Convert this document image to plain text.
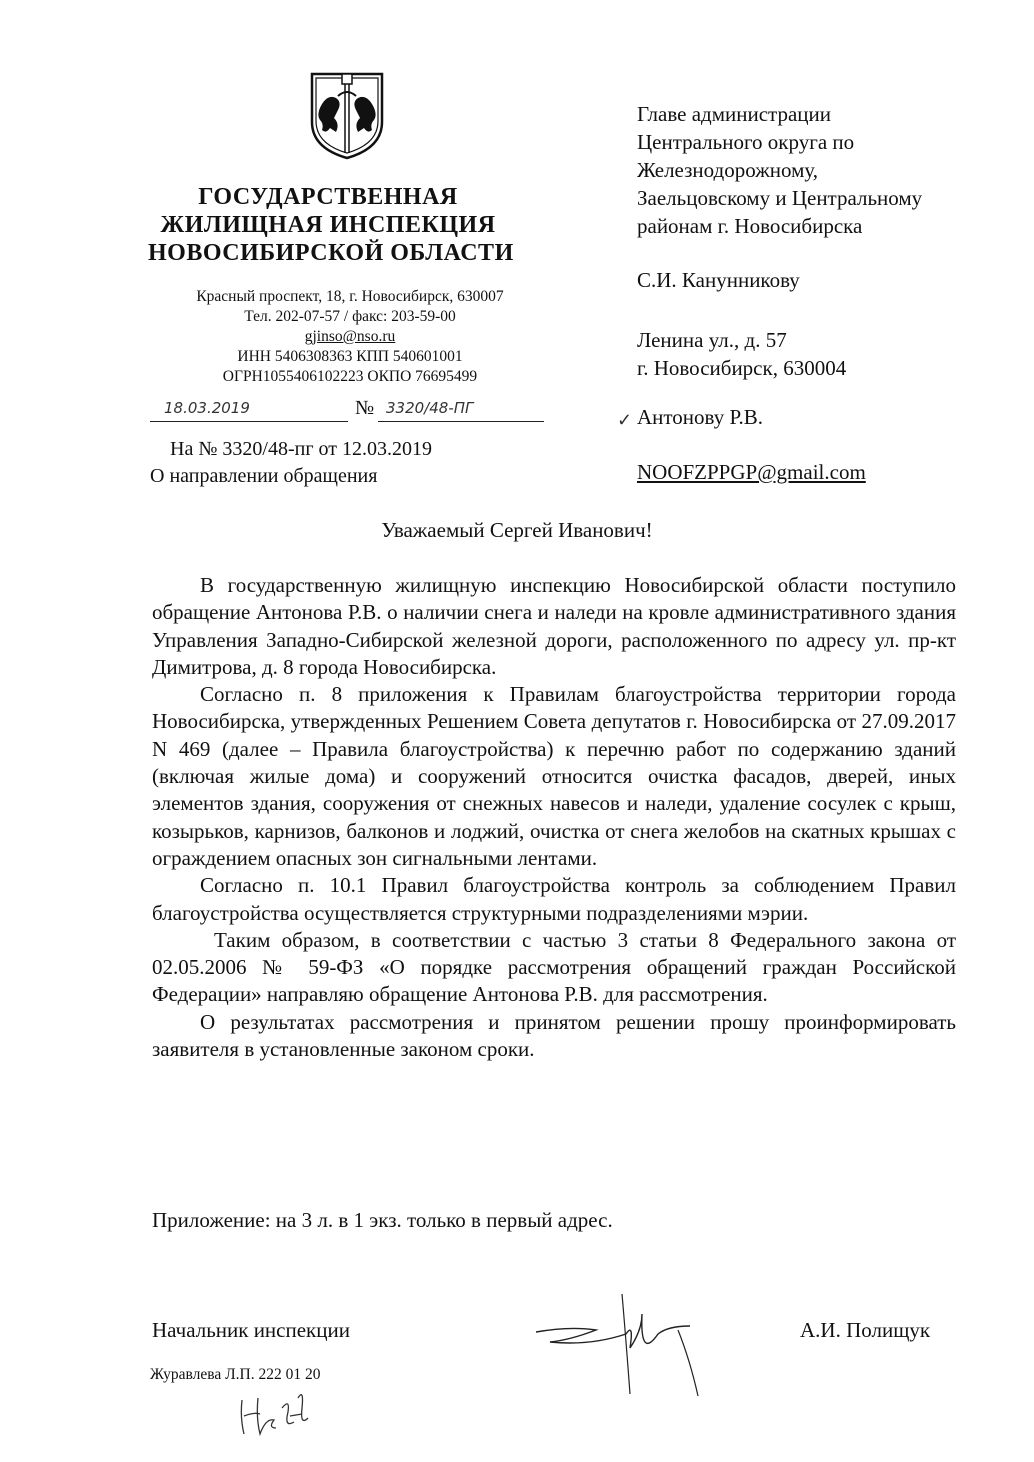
ГОСУДАРСТВЕННАЯ
ЖИЛИЩНАЯ ИНСПЕКЦИЯ
НОВОСИБИРСКОЙ ОБЛАСТИ
Красный проспект, 18, г. Новосибирск, 630007
Тел. 202-07-57 / факс: 203-59-00
gjinso@nso.ru
ИНН 5406308363 КПП 540601001
ОГРН1055406102223 ОКПО 76695499
18.03.2019	№ 3320/48-ПГ
На № 3320/48-пг от 12.03.2019
О направлении обращения
Главе администрации
Центрального округа по
Железнодорожному,
Заельцовскому и Центральному
районам г. Новосибирска
С.И. Канунникову
Ленина ул., д. 57
г. Новосибирск, 630004
✓ Антонову Р.В.
NOOFZPPGP@gmail.com
Уважаемый Сергей Иванович!

В государственную жилищную инспекцию Новосибирской области поступило обращение Антонова Р.В. о наличии снега и наледи на кровле административного здания Управления Западно-Сибирской железной дороги, расположенного по адресу ул. пр-кт Димитрова, д. 8 города Новосибирска.

Согласно п. 8 приложения к Правилам благоустройства территории города Новосибирска, утвержденных Решением Совета депутатов г. Новосибирска от 27.09.2017 N 469 (далее – Правила благоустройства) к перечню работ по содержанию зданий (включая жилые дома) и сооружений относится очистка фасадов, дверей, иных элементов здания, сооружения от снежных навесов и наледи, удаление сосулек с крыш, козырьков, карнизов, балконов и лоджий, очистка от снега желобов на скатных крышах с ограждением опасных зон сигнальными лентами.

Согласно п. 10.1 Правил благоустройства контроль за соблюдением Правил благоустройства осуществляется структурными подразделениями мэрии.

Таким образом, в соответствии с частью 3 статьи 8 Федерального закона от 02.05.2006 № 59-ФЗ «О порядке рассмотрения обращений граждан Российской Федерации» направляю обращение Антонова Р.В. для рассмотрения.

О результатах рассмотрения и принятом решении прошу проинформировать заявителя в установленные законом сроки.

Приложение: на 3 л. в 1 экз. только в первый адрес.
Начальник инспекции	А.И. Полищук
Журавлева Л.П. 222 01 20
